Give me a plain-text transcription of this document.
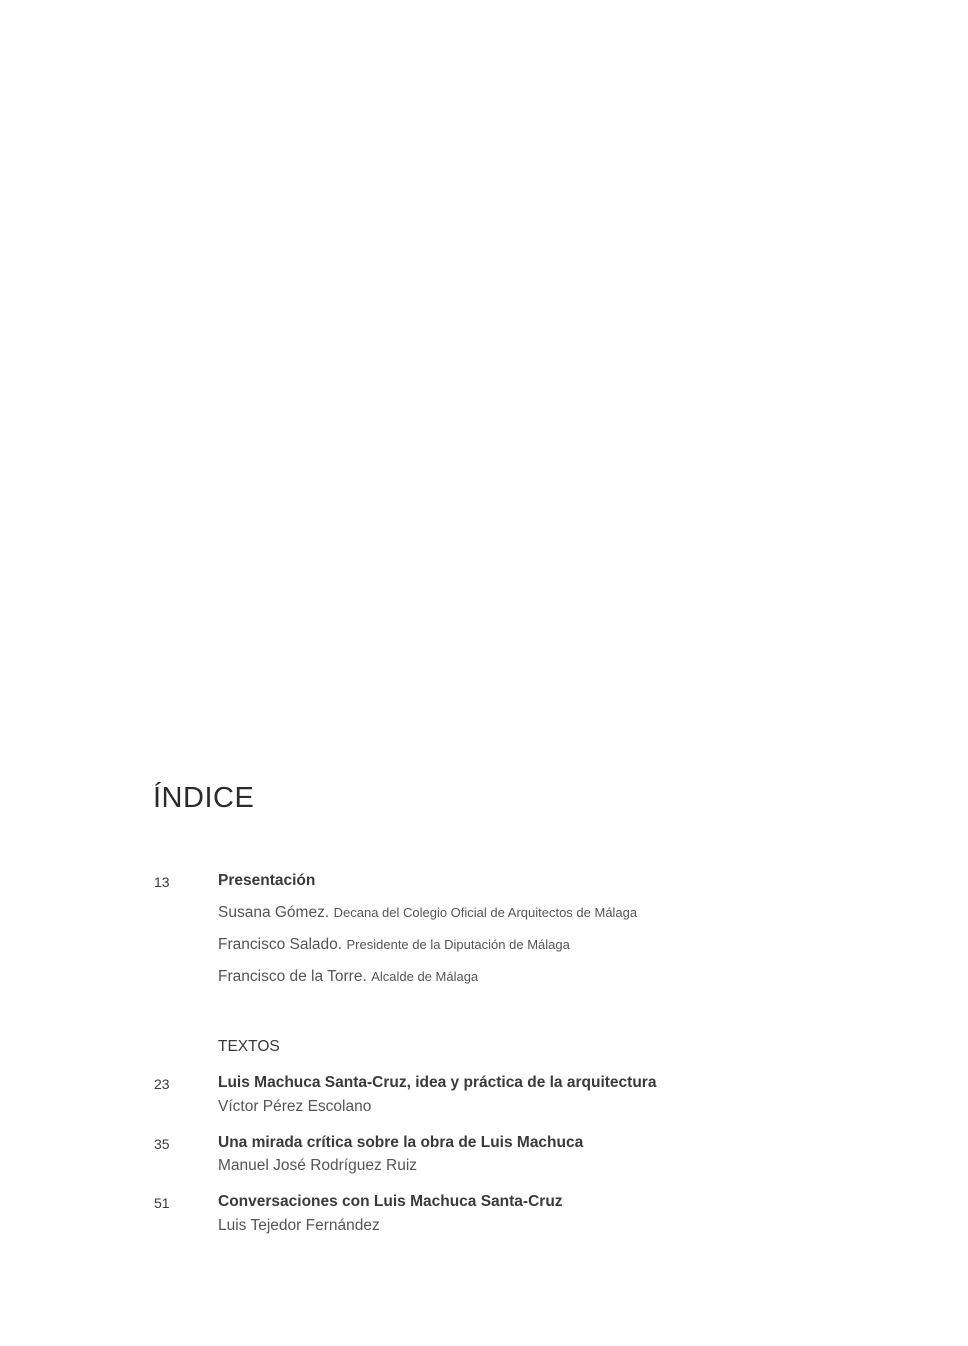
ÍNDICE
13	Presentación
Susana Gómez. Decana del Colegio Oficial de Arquitectos de Málaga
Francisco Salado. Presidente de la Diputación de Málaga
Francisco de la Torre. Alcalde de Málaga
TEXTOS
23	Luis Machuca Santa-Cruz, idea y práctica de la arquitectura
Víctor Pérez Escolano
35	Una mirada crítica sobre la obra de Luis Machuca
Manuel José Rodríguez Ruiz
51	Conversaciones con Luis Machuca Santa-Cruz
Luis Tejedor Fernández
